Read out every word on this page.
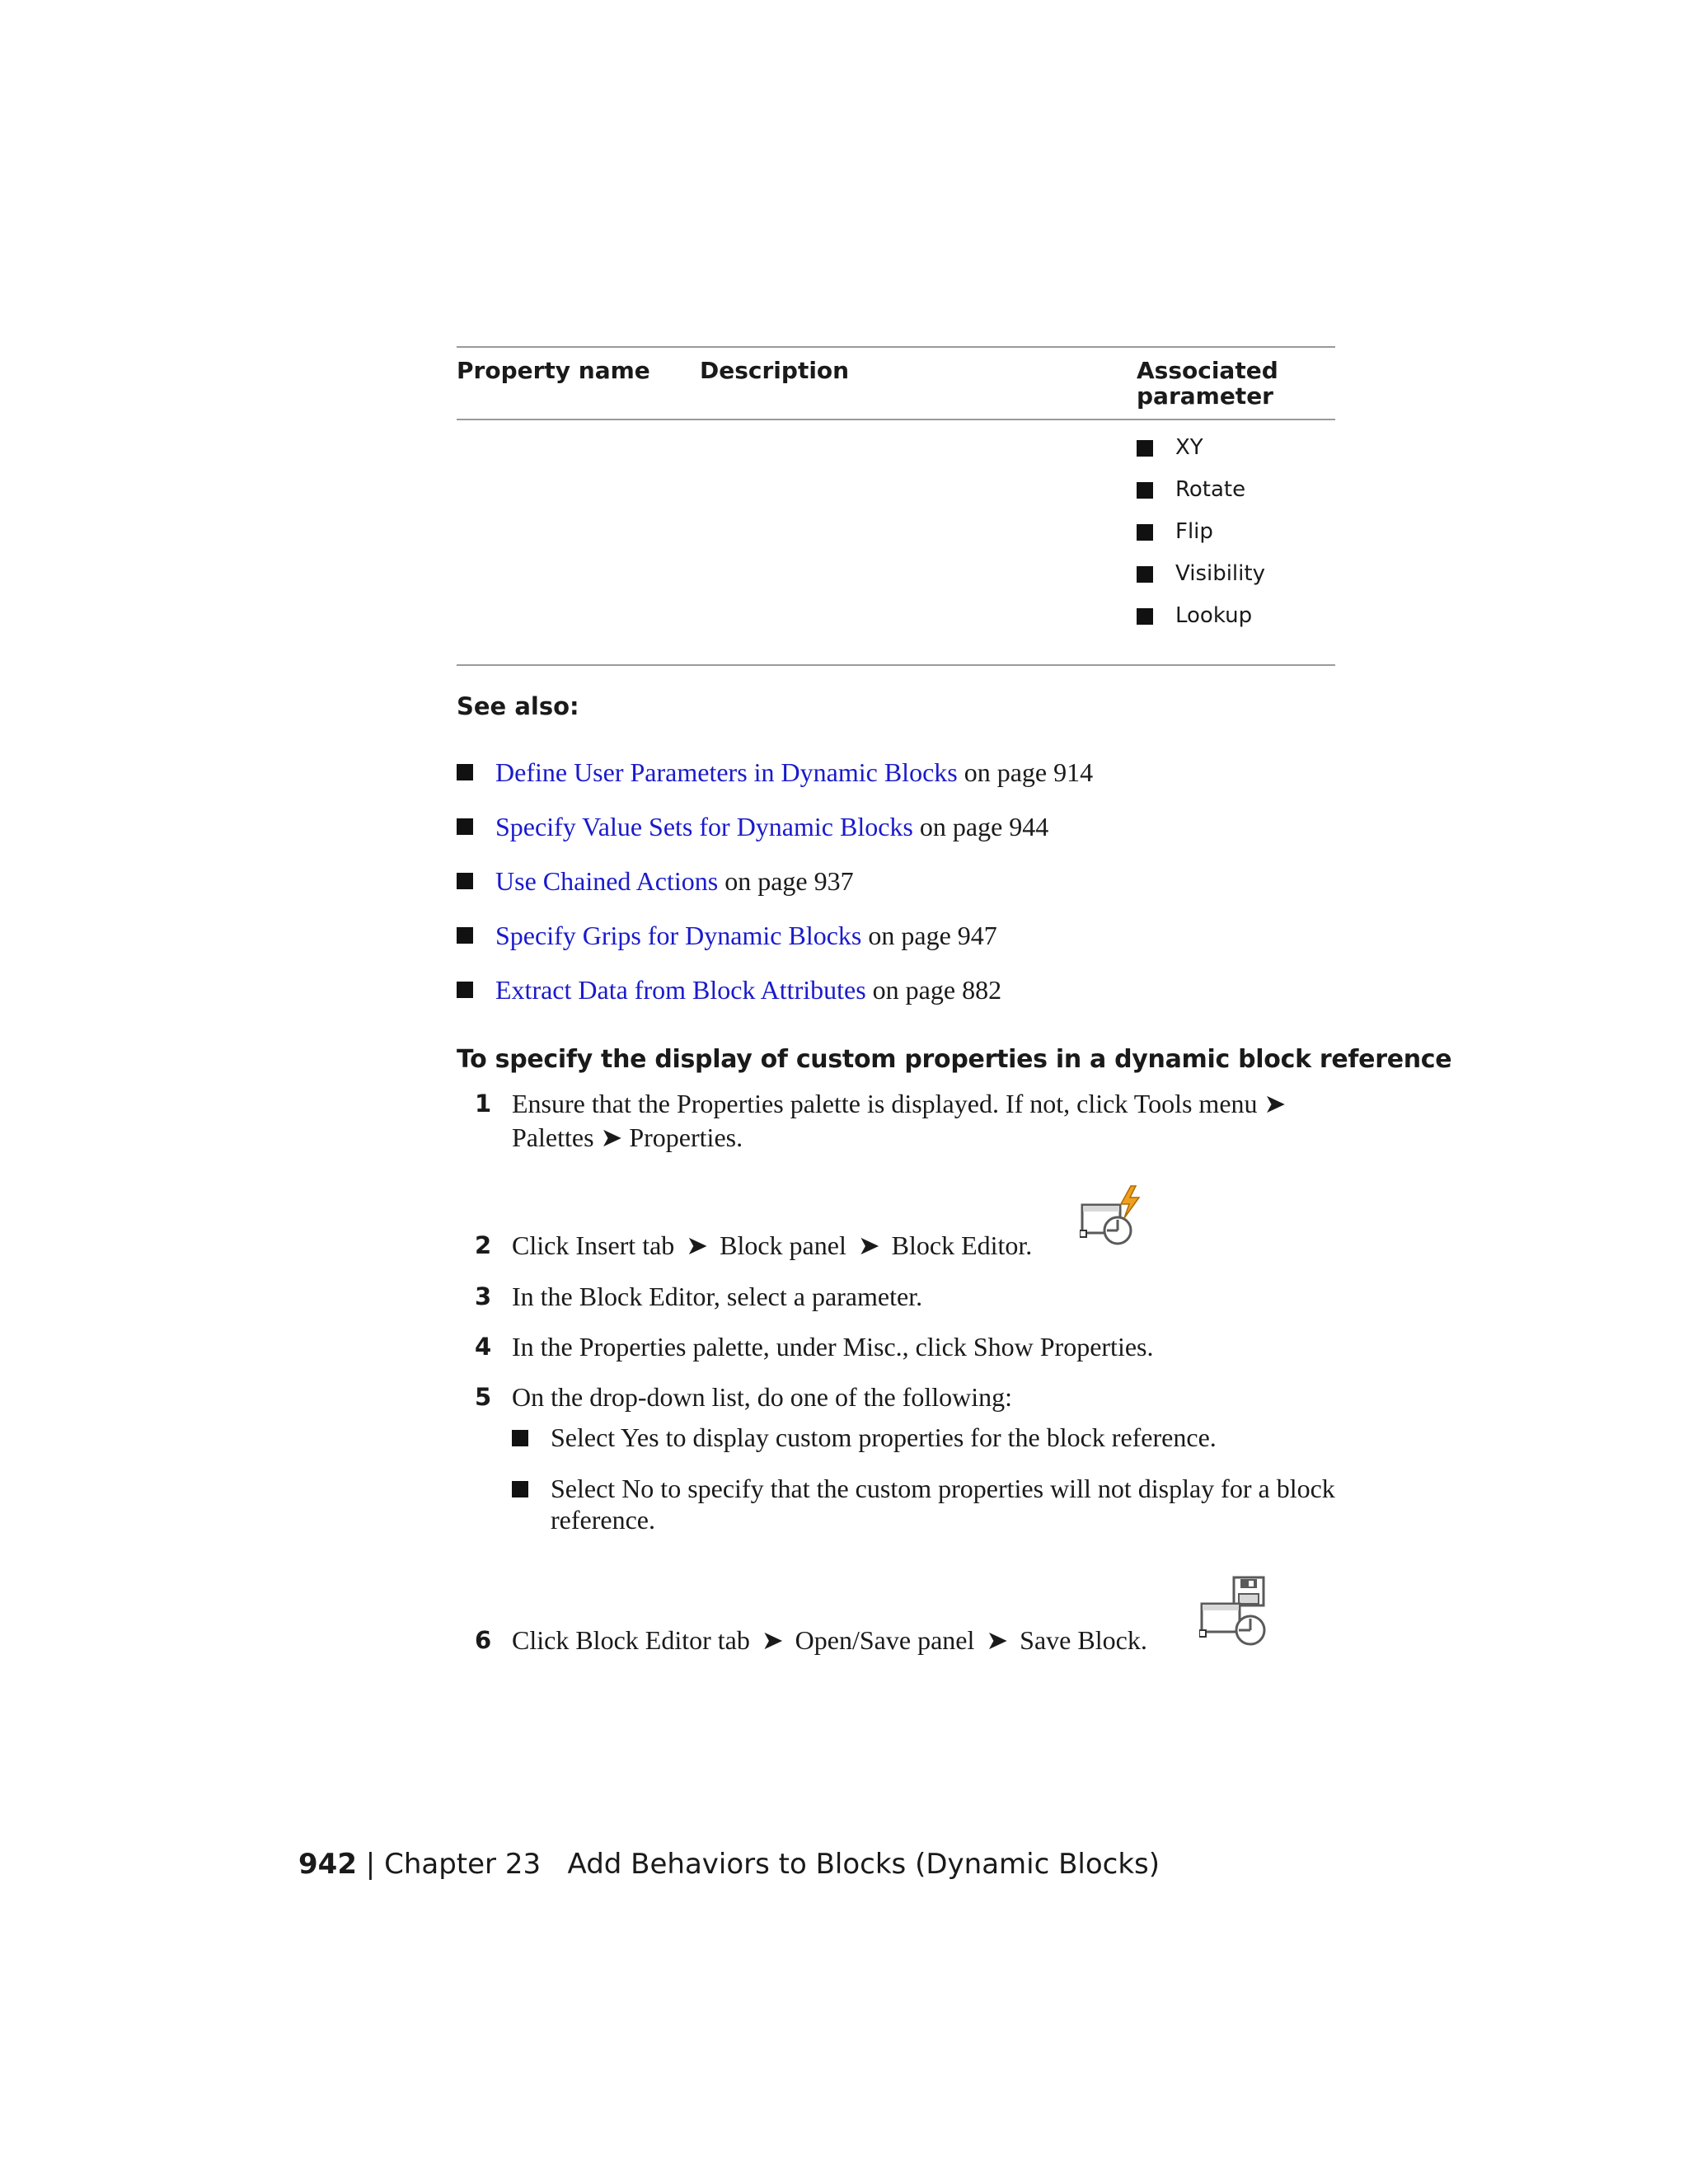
Property name Description	Associated parameter
XY
Rotate
Flip
Visibility
Lookup
See also:
Define User Parameters in Dynamic Blocks
on page 914
Specify Value Sets for Dynamic Blocks
on page 944
Use Chained Actions
on page 937
Specify Grips for Dynamic Blocks
on page 947
Extract Data from Block Attributes
on page 882
To specify the display of custom properties in a dynamic block reference
1 Ensure that the Properties palette is displayed. If not, click Tools menu ➤ Palettes ➤ Properties.
2 Click Insert tab ➤ Block panel ➤ Block Editor.
3 In the Block Editor, select a parameter.
4 In the Properties palette, under Misc., click Show Properties.
5 On the drop-down list, do one of the following:
Select Yes to display custom properties for the block reference.
Select No to specify that the custom properties will not display for a block reference.
6 Click Block Editor tab ➤ Open/Save panel ➤ Save Block.
942 | Chapter 23 Add Behaviors to Blocks (Dynamic Blocks)
